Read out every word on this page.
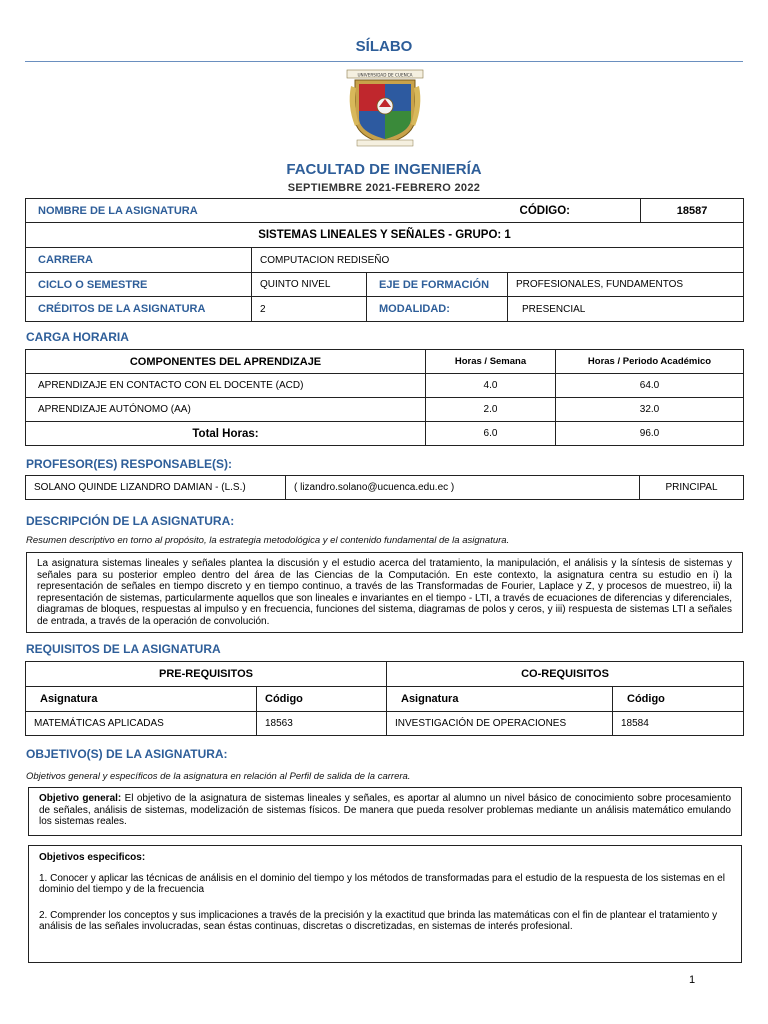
SÍLABO
UNIVERSIDAD DE CUENCA
FACULTAD DE INGENIERÍA
SEPTIEMBRE 2021-FEBRERO 2022
NOMBRE DE LA ASIGNATURA			CÓDIGO:	18587
SISTEMAS LINEALES Y SEÑALES - GRUPO: 1				
CARRERA	COMPUTACION REDISEÑO			
CICLO O SEMESTRE	QUINTO NIVEL	EJE DE FORMACIÓN	PROFESIONALES, FUNDAMENTOS	
CRÉDITOS DE LA ASIGNATURA	2	MODALIDAD:	PRESENCIAL	
CARGA HORARIA
COMPONENTES DEL APRENDIZAJE	Horas / Semana	Horas / Periodo Académico
APRENDIZAJE EN CONTACTO CON EL DOCENTE (ACD)	4.0	64.0
APRENDIZAJE AUTÓNOMO (AA)	2.0	32.0
Total Horas:	6.0	96.0
PROFESOR(ES) RESPONSABLE(S):
SOLANO QUINDE LIZANDRO DAMIAN - (L.S.)	( lizandro.solano@ucuenca.edu.ec )	PRINCIPAL
DESCRIPCIÓN DE LA ASIGNATURA:
Resumen descriptivo en torno al propósito, la estrategia metodológica y el contenido fundamental de la asignatura.
La asignatura sistemas lineales y señales plantea la discusión y el estudio acerca del tratamiento, la manipulación, el análisis y la síntesis de sistemas y señales para su posterior empleo dentro del área de las Ciencias de la Computación. En este contexto, la asignatura centra su estudio en i) la representación de señales en tiempo discreto y en tiempo continuo, a través de las Transformadas de Fourier, Laplace y Z, y procesos de muestreo, ii) la representación de sistemas, particularmente aquellos que son lineales e invariantes en el tiempo - LTI, a través de ecuaciones de diferencias y diferenciales, diagramas de bloques, respuestas al impulso y en frecuencia, funciones del sistema, diagramas de polos y ceros, y iii) respuesta de sistemas LTI a señales de entrada, a través de la operación de convolución.
REQUISITOS DE LA ASIGNATURA
PRE-REQUISITOS		CO-REQUISITOS	
Asignatura	Código	Asignatura	Código
MATEMÁTICAS APLICADAS	18563	INVESTIGACIÓN DE OPERACIONES	18584
OBJETIVO(S) DE LA ASIGNATURA:
Objetivos general y específicos de la asignatura en relación al Perfil de salida de la carrera.
Objetivo general: El objetivo de la asignatura de sistemas lineales y señales, es aportar al alumno un nivel básico de conocimiento sobre procesamiento de señales, análisis de sistemas, modelización de sistemas físicos. De manera que pueda resolver problemas mediante un análisis matemático emulando los sistemas reales.
Objetivos especificos:
1. Conocer y aplicar las técnicas de análisis en el dominio del tiempo y los métodos de transformadas para el estudio de la respuesta de los sistemas en el dominio del tiempo y de la frecuencia
2. Comprender los conceptos y sus implicaciones a través de la precisión y la exactitud que brinda las matemáticas con el fin de plantear el tratamiento y análisis de las señales involucradas, sean éstas continuas, discretas o discretizadas, en sistemas de interés profesional.
1
